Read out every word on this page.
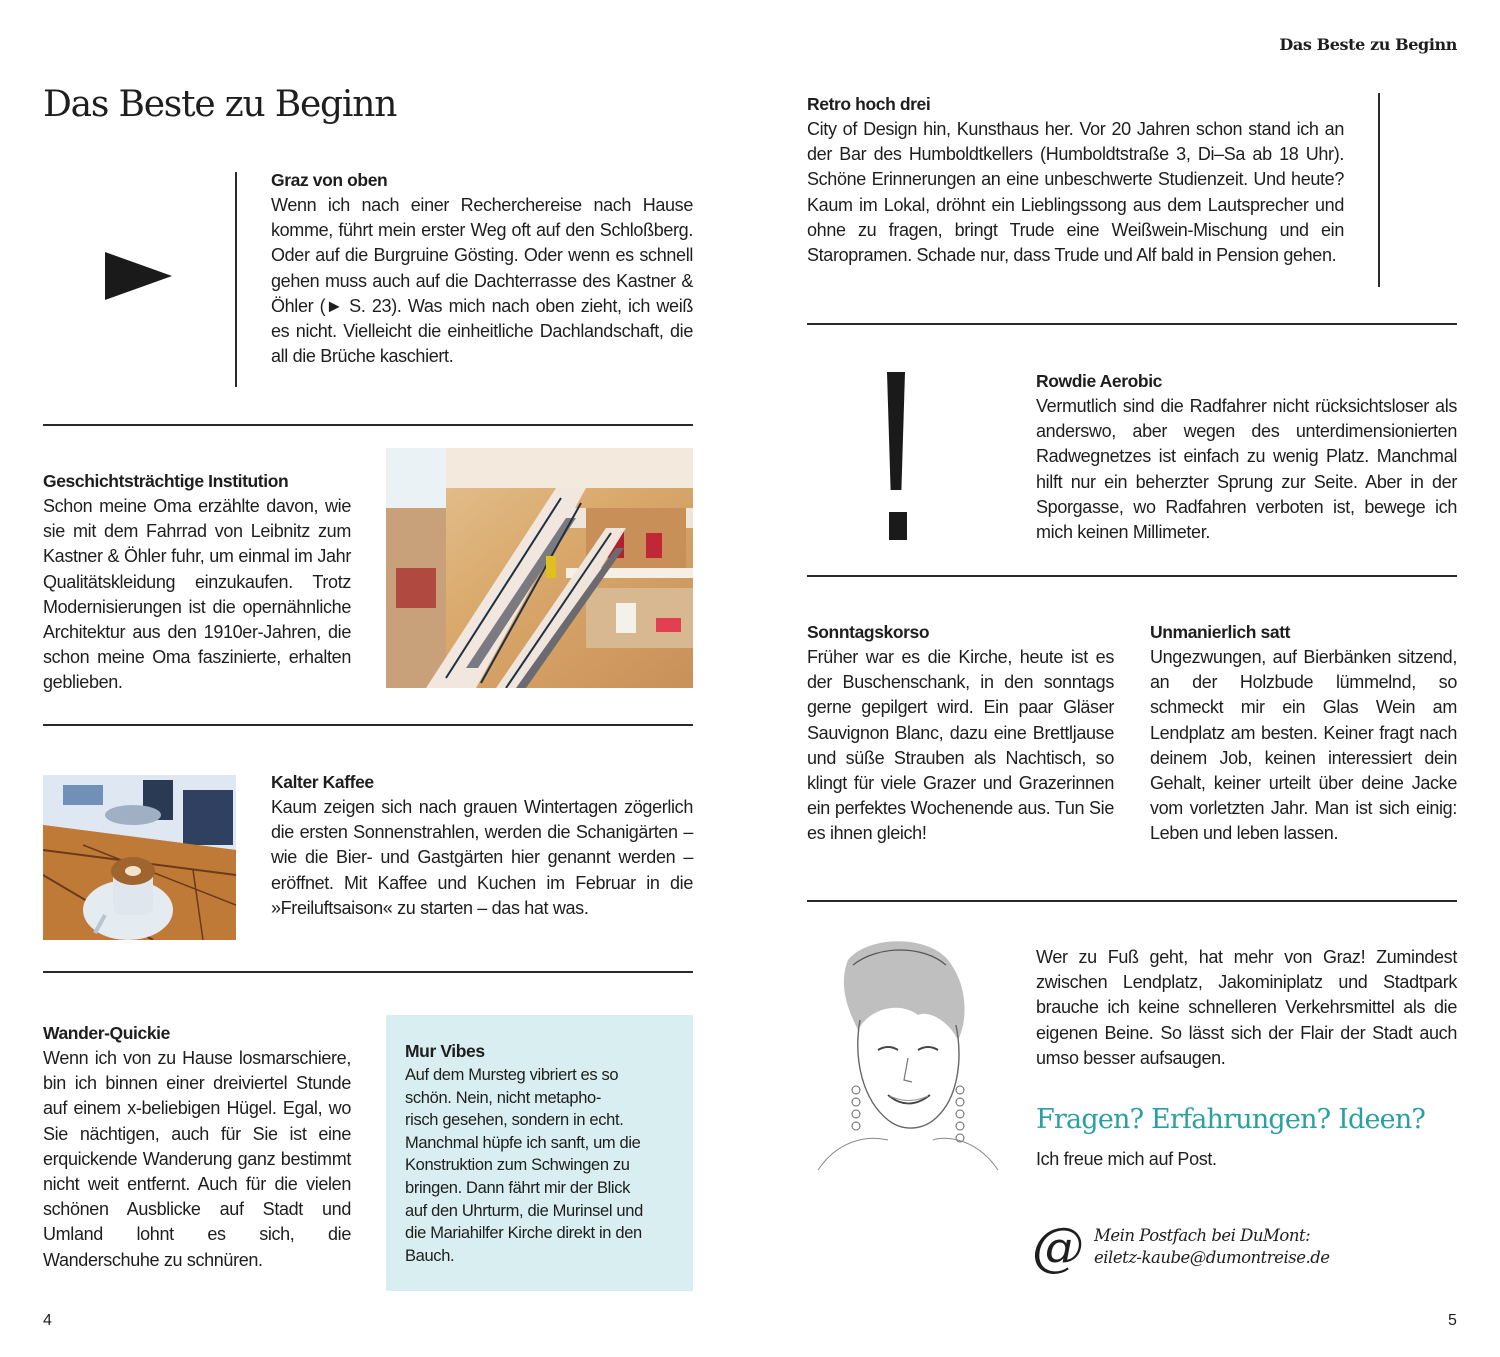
Das Beste zu Beginn
Graz von oben
Wenn ich nach einer Recherchereise nach Hause komme, führt mein erster Weg oft auf den Schloßberg. Oder auf die Burgruine Gösting. Oder wenn es schnell gehen muss auch auf die Dachterrasse des Kastner & Öhler (► S. 23). Was mich nach oben zieht, ich weiß es nicht. Vielleicht die einheitliche Dachlandschaft, die all die Brüche kaschiert.
Geschichtsträchtige Institution
Schon meine Oma erzählte davon, wie sie mit dem Fahrrad von Leibnitz zum Kastner & Öhler fuhr, um einmal im Jahr Qualitätskleidung einzukaufen. Trotz Modernisierungen ist die opernähnliche Architektur aus den 1910er-Jahren, die schon meine Oma faszinierte, erhalten geblieben.
Kalter Kaffee
Kaum zeigen sich nach grauen Wintertagen zögerlich die ersten Sonnenstrahlen, werden die Schanigärten – wie die Bier- und Gastgärten hier genannt werden – eröffnet. Mit Kaffee und Kuchen im Februar in die »Freiluftsaison« zu starten – das hat was.
Wander-Quickie
Wenn ich von zu Hause losmarschiere, bin ich binnen einer dreiviertel Stunde auf einem x-beliebigen Hügel. Egal, wo Sie nächtigen, auch für Sie ist eine erquickende Wanderung ganz bestimmt nicht weit entfernt. Auch für die vielen schönen Ausblicke auf Stadt und Umland lohnt es sich, die Wanderschuhe zu schnüren.
Mur Vibes
Auf dem Mursteg vibriert es so
schön. Nein, nicht metapho-
risch gesehen, sondern in echt.
Manchmal hüpfe ich sanft, um die
Konstruktion zum Schwingen zu
bringen. Dann fährt mir der Blick
auf den Uhrturm, die Murinsel und
die Mariahilfer Kirche direkt in den
Bauch.
4
Das Beste zu Beginn
Retro hoch drei
City of Design hin, Kunsthaus her. Vor 20 Jahren schon stand ich an der Bar des Humboldtkellers (Humboldtstraße 3, Di–Sa ab 18 Uhr). Schöne Erinnerungen an eine unbeschwerte Studienzeit. Und heute? Kaum im Lokal, dröhnt ein Lieblingssong aus dem Lautsprecher und ohne zu fragen, bringt Trude eine Weißwein-Mischung und ein Staropramen. Schade nur, dass Trude und Alf bald in Pension gehen.
Rowdie Aerobic
Vermutlich sind die Radfahrer nicht rücksichtsloser als anderswo, aber wegen des unterdimensionierten Radwegnetzes ist einfach zu wenig Platz. Manchmal hilft nur ein beherzter Sprung zur Seite. Aber in der Sporgasse, wo Radfahren verboten ist, bewege ich mich keinen Millimeter.
Sonntagskorso
Früher war es die Kirche, heute ist es der Buschenschank, in den sonntags gerne gepilgert wird. Ein paar Gläser Sauvignon Blanc, dazu eine Brettljause und süße Strauben als Nachtisch, so klingt für viele Grazer und Grazerinnen ein perfektes Wochenende aus. Tun Sie es ihnen gleich!
Unmanierlich satt
Ungezwungen, auf Bierbänken sitzend, an der Holzbude lümmelnd, so schmeckt mir ein Glas Wein am Lendplatz am besten. Keiner fragt nach deinem Job, keinen interessiert dein Gehalt, keiner urteilt über deine Jacke vom vorletzten Jahr. Man ist sich einig: Leben und leben lassen.
Wer zu Fuß geht, hat mehr von Graz! Zumindest zwischen Lendplatz, Jakominiplatz und Stadtpark brauche ich keine schnelleren Verkehrsmittel als die eigenen Beine. So lässt sich der Flair der Stadt auch umso besser aufsaugen.
Fragen? Erfahrungen? Ideen?
Ich freue mich auf Post.
@ Mein Postfach bei DuMont:
eiletz-kaube@dumontreise.de
5
